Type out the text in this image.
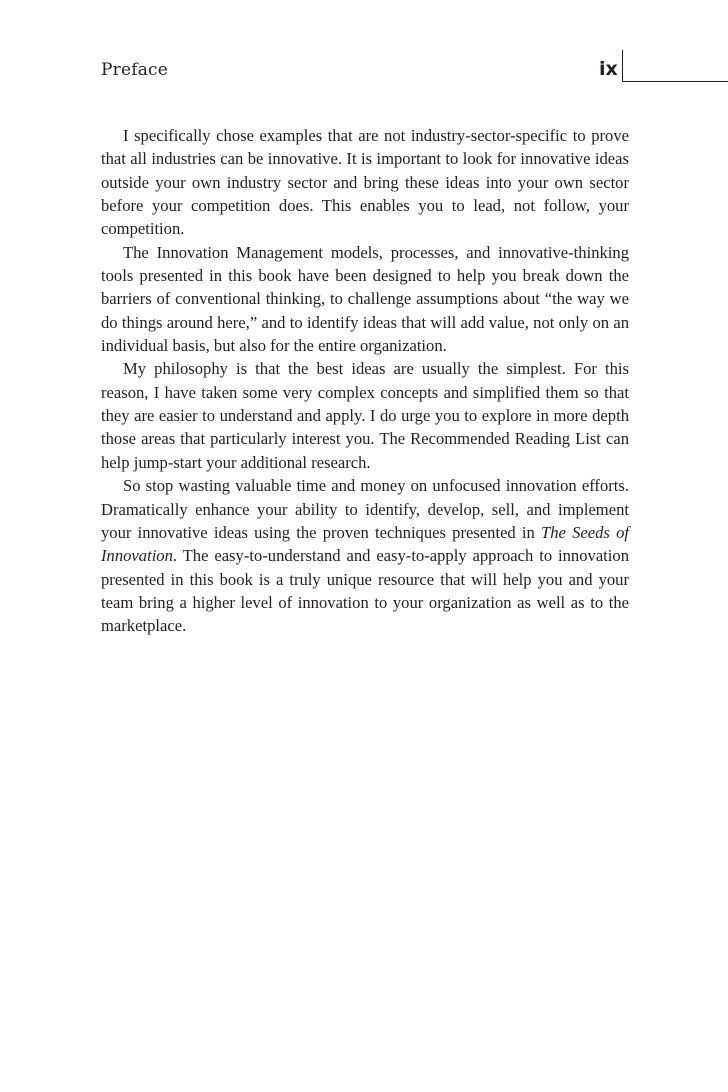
Preface	ix

I specifically chose examples that are not industry-sector-specific to prove that all industries can be innovative. It is important to look for innovative ideas outside your own industry sector and bring these ideas into your own sector before your competition does. This enables you to lead, not follow, your competition.

The Innovation Management models, processes, and innovative-thinking tools presented in this book have been designed to help you break down the barriers of conventional thinking, to challenge assumptions about “the way we do things around here,” and to identify ideas that will add value, not only on an individual basis, but also for the entire organization.

My philosophy is that the best ideas are usually the simplest. For this reason, I have taken some very complex concepts and simplified them so that they are easier to understand and apply. I do urge you to explore in more depth those areas that particularly interest you. The Recommended Reading List can help jump-start your additional research.

So stop wasting valuable time and money on unfocused innovation efforts. Dramatically enhance your ability to identify, develop, sell, and implement your innovative ideas using the proven techniques presented in The Seeds of Innovation. The easy-to-understand and easy-to-apply approach to innovation presented in this book is a truly unique resource that will help you and your team bring a higher level of innovation to your organization as well as to the marketplace.
